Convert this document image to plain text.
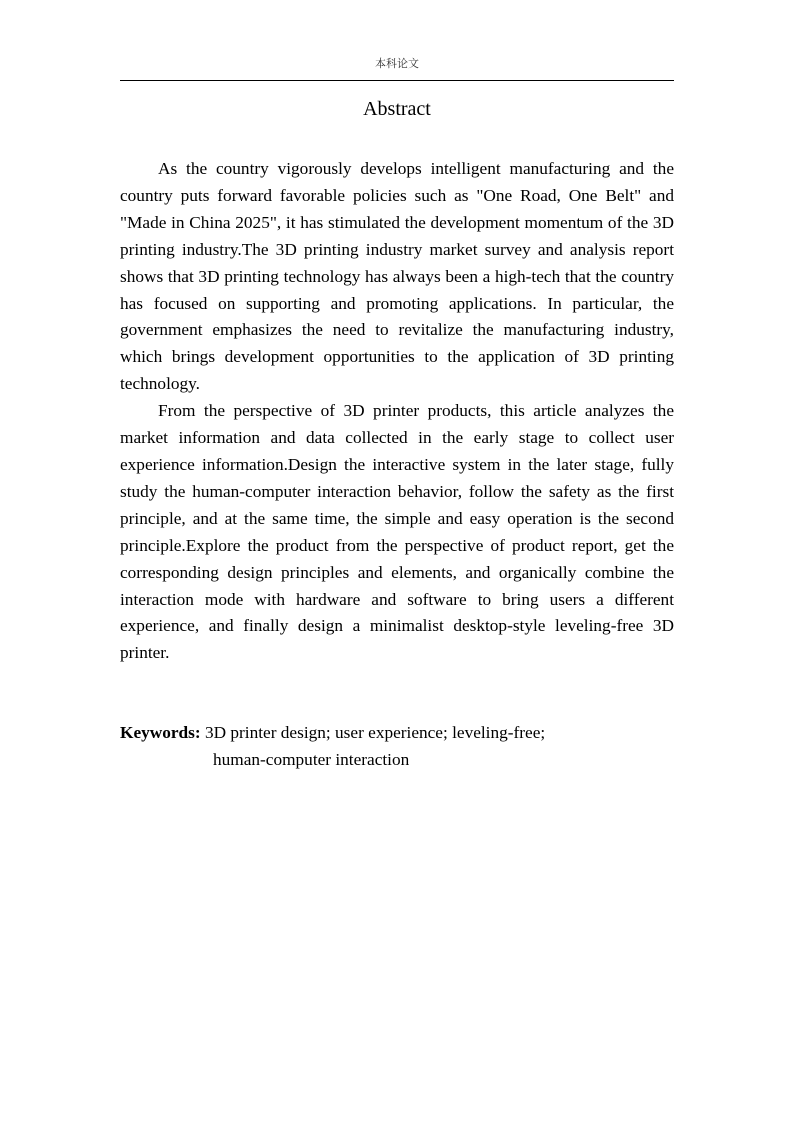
本科论文
Abstract

As the country vigorously develops intelligent manufacturing and the country puts forward favorable policies such as "One Road, One Belt" and "Made in China 2025", it has stimulated the development momentum of the 3D printing industry.The 3D printing industry market survey and analysis report shows that 3D printing technology has always been a high-tech that the country has focused on supporting and promoting applications. In particular, the government emphasizes the need to revitalize the manufacturing industry, which brings development opportunities to the application of 3D printing technology.

From the perspective of 3D printer products, this article analyzes the market information and data collected in the early stage to collect user experience information.Design the interactive system in the later stage, fully study the human-computer interaction behavior, follow the safety as the first principle, and at the same time, the simple and easy operation is the second principle.Explore the product from the perspective of product report, get the corresponding design principles and elements, and organically combine the interaction mode with hardware and software to bring users a different experience, and finally design a minimalist desktop-style leveling-free 3D printer.

Keywords: 3D printer design; user experience; leveling-free;
human-computer interaction
